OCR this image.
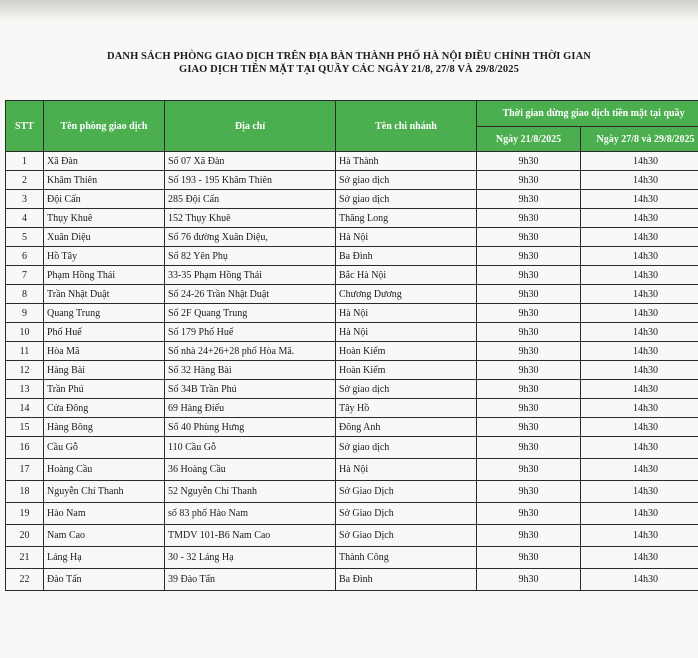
DANH SÁCH PHÒNG GIAO DỊCH TRÊN ĐỊA BÀN THÀNH PHỐ HÀ NỘI ĐIỀU CHỈNH THỜI GIAN
GIAO DỊCH TIỀN MẶT TẠI QUẦY CÁC NGÀY 21/8, 27/8 VÀ 29/8/2025
STT	Tên phòng giao dịch	Địa chỉ	Tên chi nhánh	Thời gian dừng giao dịch tiền mặt tại quầy	
				Ngày 21/8/2025	Ngày 27/8 và 29/8/2025
1	Xã Đàn	Số 07 Xã Đàn	Hà Thành	9h30	14h30
2	Khâm Thiên	Số 193 - 195 Khâm Thiên	Sở giao dịch	9h30	14h30
3	Đội Cấn	285 Đội Cấn	Sở giao dịch	9h30	14h30
4	Thụy Khuê	152 Thụy Khuê	Thăng Long	9h30	14h30
5	Xuân Diệu	Số 76 đường Xuân Diệu,	Hà Nội	9h30	14h30
6	Hồ Tây	Số 82 Yên Phụ	Ba Đình	9h30	14h30
7	Phạm Hồng Thái	33-35 Phạm Hồng Thái	Bắc Hà Nội	9h30	14h30
8	Trần Nhật Duật	Số 24-26 Trần Nhật Duật	Chương Dương	9h30	14h30
9	Quang Trung	Số 2F Quang Trung	Hà Nội	9h30	14h30
10	Phố Huế	Số 179 Phố Huế	Hà Nội	9h30	14h30
11	Hòa Mã	Số nhà 24+26+28 phố Hòa Mã.	Hoàn Kiếm	9h30	14h30
12	Hàng Bài	Số 32 Hàng Bài	Hoàn Kiếm	9h30	14h30
13	Trần Phú	Số 34B Trần Phú	Sở giao dịch	9h30	14h30
14	Cửa Đông	69 Hàng Điếu	Tây Hồ	9h30	14h30
15	Hàng Bông	Số 40 Phùng Hưng	Đông Anh	9h30	14h30
16	Cầu Gỗ	110 Cầu Gỗ	Sở giao dịch	9h30	14h30
17	Hoàng Cầu	36 Hoàng Cầu	Hà Nội	9h30	14h30
18	Nguyễn Chí Thanh	52 Nguyễn Chí Thanh	Sở Giao Dịch	9h30	14h30
19	Hào Nam	số 83 phố Hào Nam	Sở Giao Dịch	9h30	14h30
20	Nam Cao	TMDV 101-B6 Nam Cao	Sở Giao Dịch	9h30	14h30
21	Láng Hạ	30 - 32 Láng Hạ	Thành Công	9h30	14h30
22	Đào Tấn	39 Đào Tấn	Ba Đình	9h30	14h30
